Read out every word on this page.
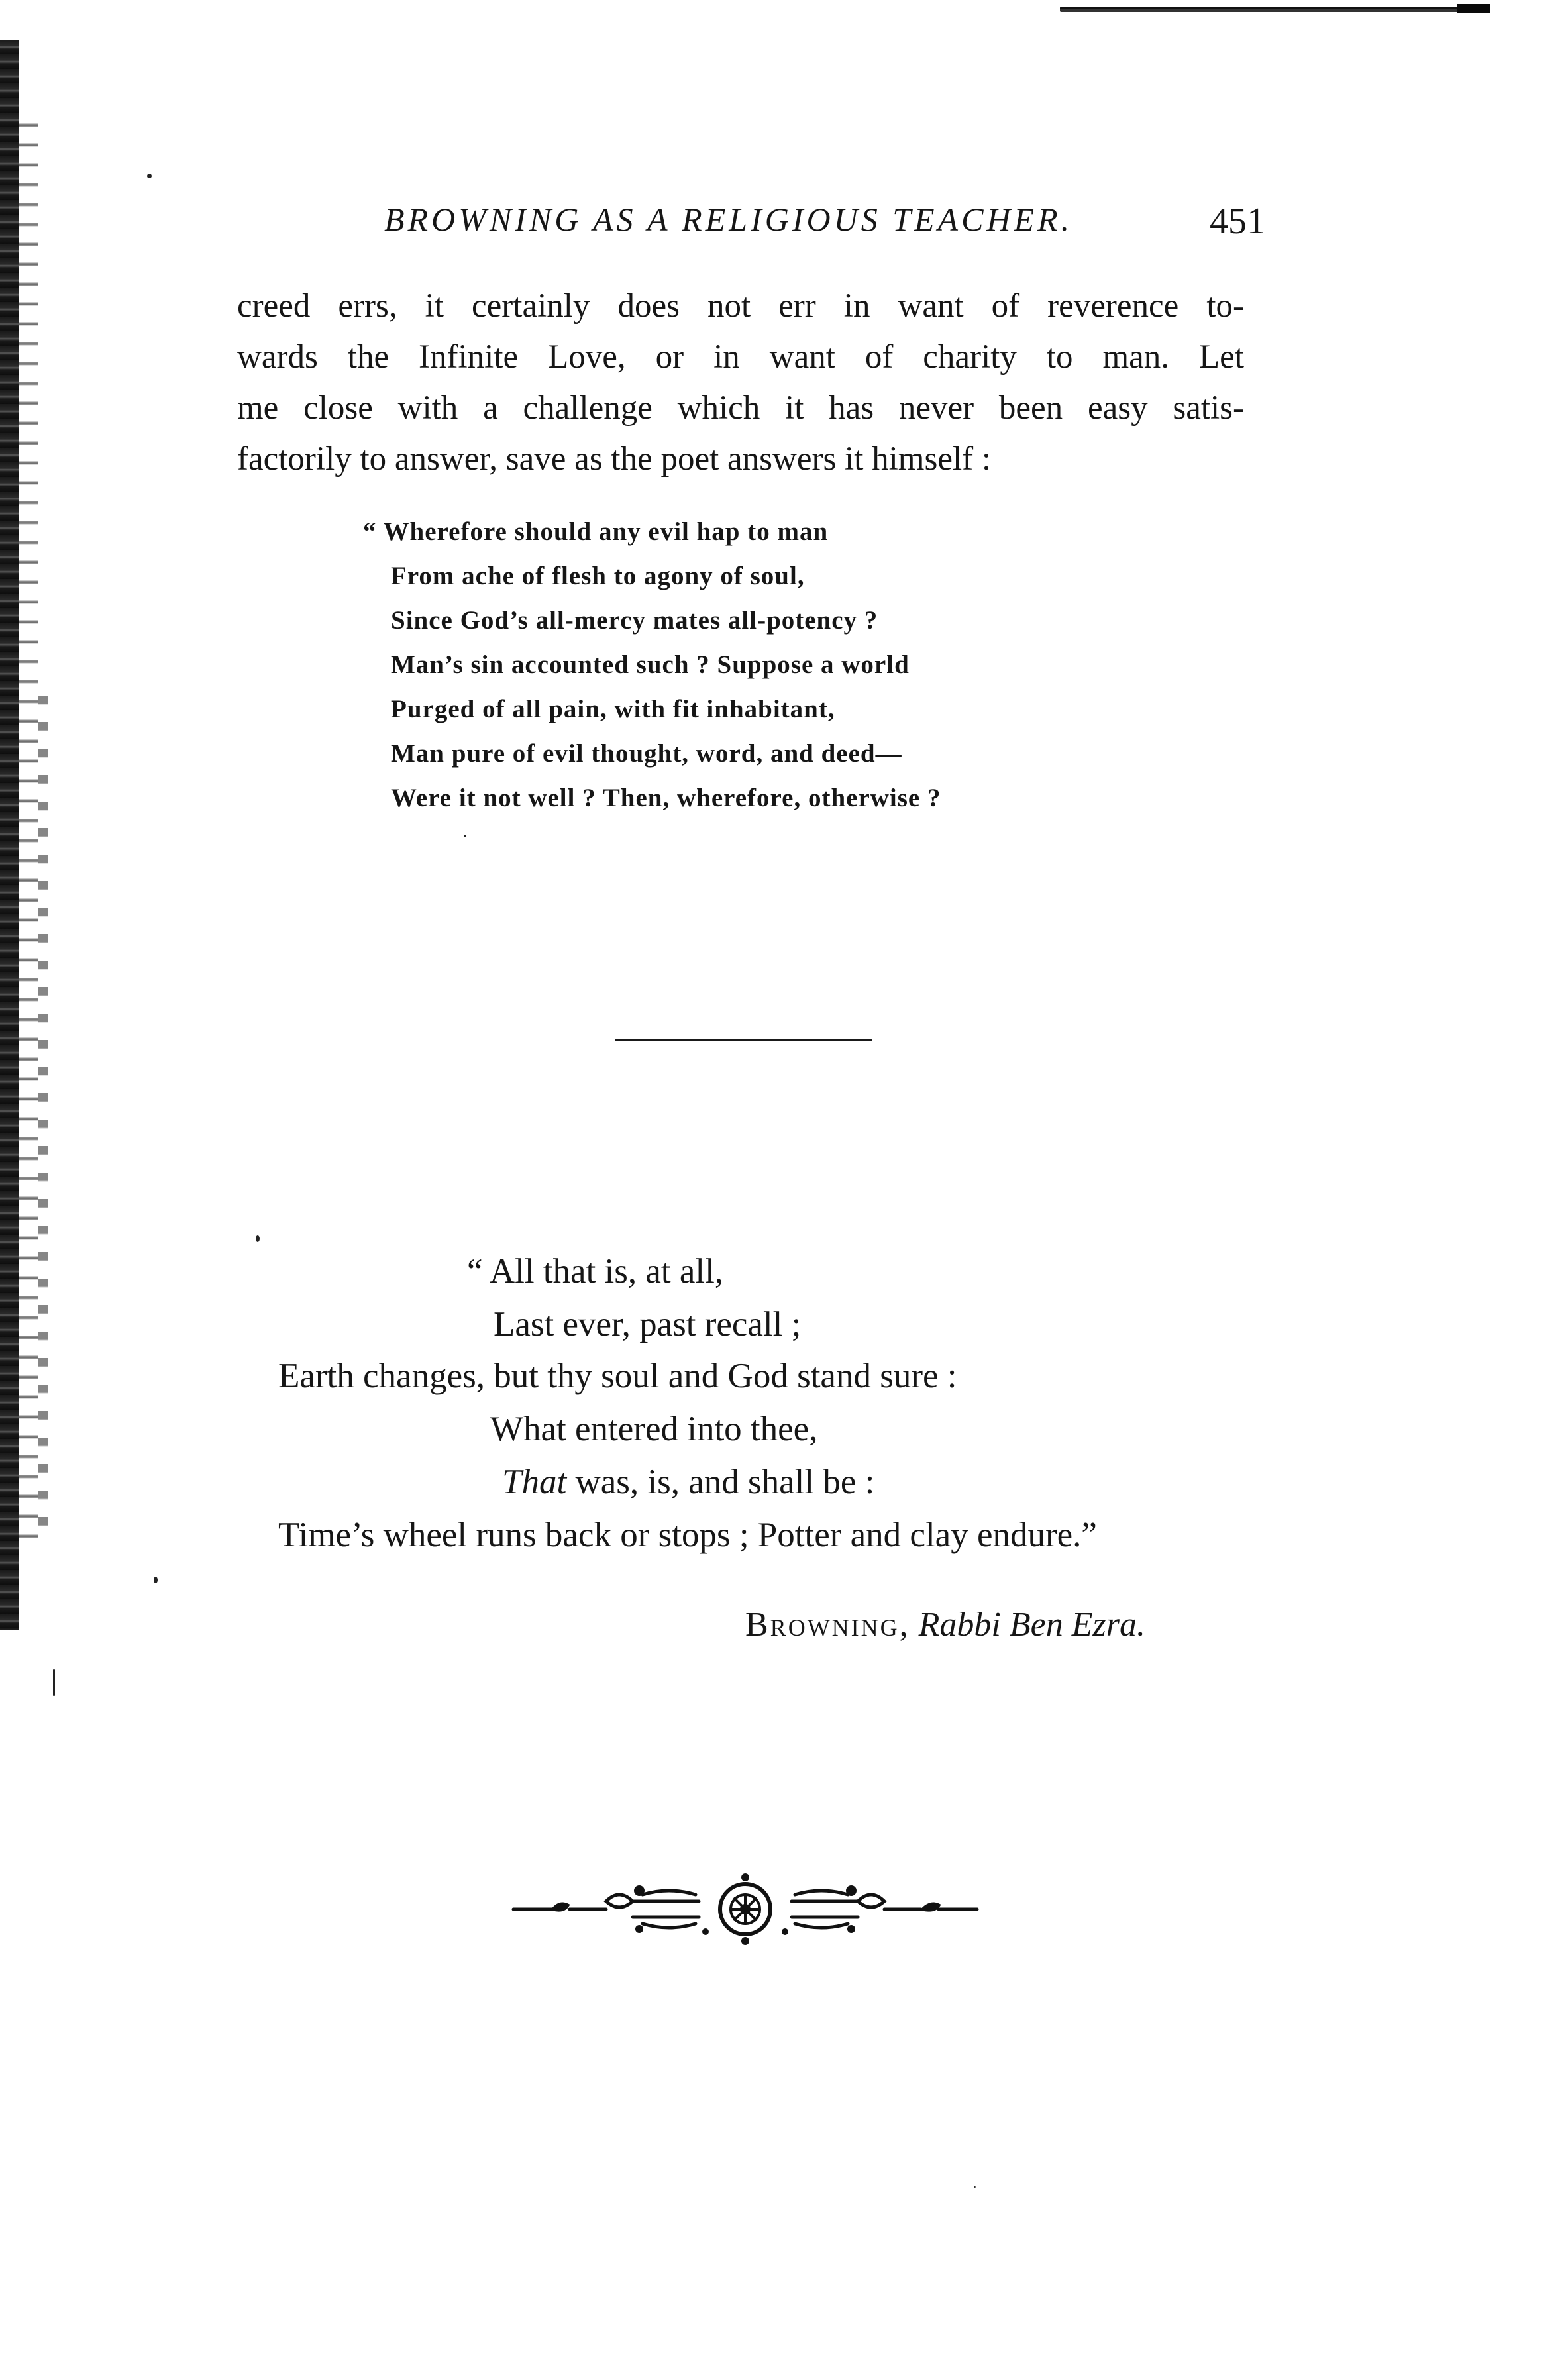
BROWNING AS A RELIGIOUS TEACHER.	451
creed errs, it certainly does not err in want of reverence to-
wards the Infinite Love, or in want of charity to man. Let
me close with a challenge which it has never been easy satis-
factorily to answer, save as the poet answers it himself :
“ Wherefore should any evil hap to man
From ache of flesh to agony of soul,
Since God’s all-mercy mates all-potency ?
Man’s sin accounted such ? Suppose a world
Purged of all pain, with fit inhabitant,
Man pure of evil thought, word, and deed—
Were it not well ? Then, wherefore, otherwise ?
“ All that is, at all,
Last ever, past recall ;
Earth changes, but thy soul and God stand sure :
What entered into thee,
That was, is, and shall be :
Time’s wheel runs back or stops ; Potter and clay endure.”
Browning, Rabbi Ben Ezra.
